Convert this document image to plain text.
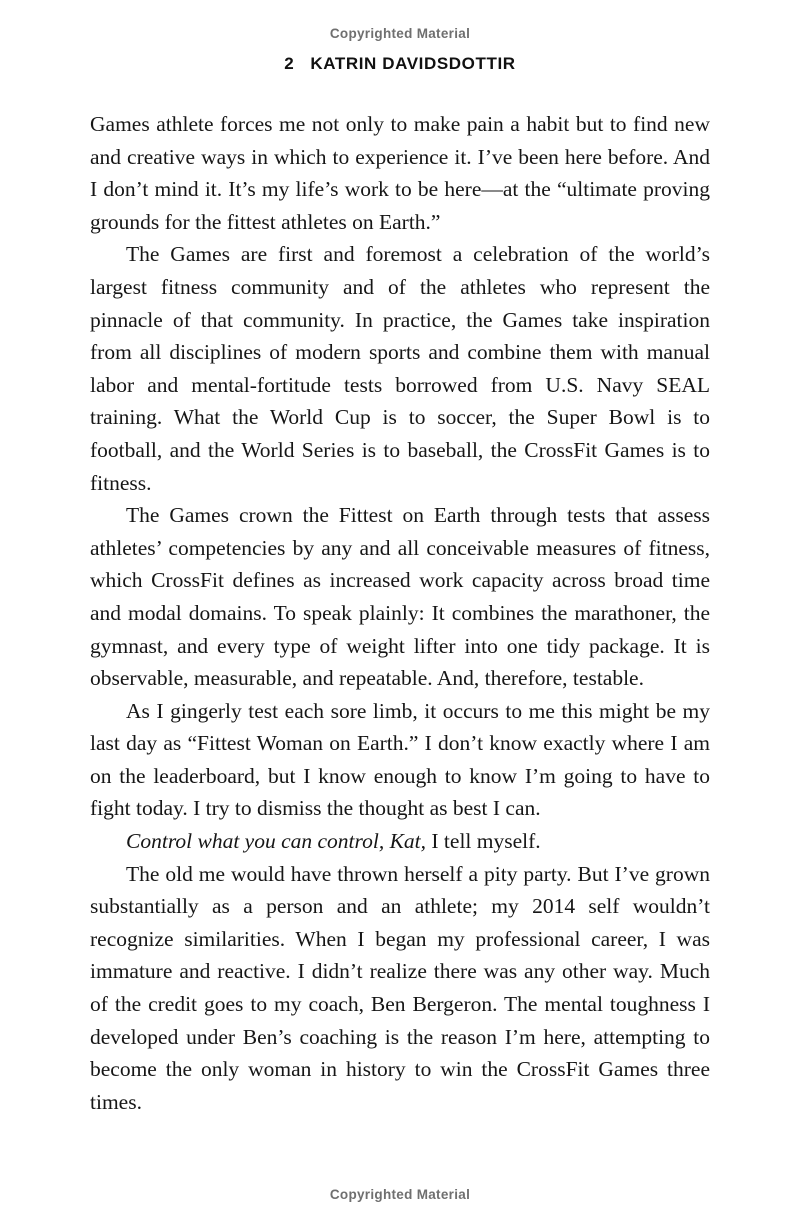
Copyrighted Material
2 KATRIN DAVIDSDOTTIR

Games athlete forces me not only to make pain a habit but to find new and creative ways in which to experience it. I’ve been here before. And I don’t mind it. It’s my life’s work to be here—at the “ultimate proving grounds for the fittest athletes on Earth.”

The Games are first and foremost a celebration of the world’s largest fitness community and of the athletes who represent the pinnacle of that community. In practice, the Games take inspiration from all disciplines of modern sports and combine them with manual labor and mental-fortitude tests borrowed from U.S. Navy SEAL training. What the World Cup is to soccer, the Super Bowl is to football, and the World Series is to baseball, the CrossFit Games is to fitness.

The Games crown the Fittest on Earth through tests that assess athletes’ competencies by any and all conceivable measures of fitness, which CrossFit defines as increased work capacity across broad time and modal domains. To speak plainly: It combines the marathoner, the gymnast, and every type of weight lifter into one tidy package. It is observable, measurable, and repeatable. And, therefore, testable.

As I gingerly test each sore limb, it occurs to me this might be my last day as “Fittest Woman on Earth.” I don’t know exactly where I am on the leaderboard, but I know enough to know I’m going to have to fight today. I try to dismiss the thought as best I can.

Control what you can control, Kat, I tell myself.

The old me would have thrown herself a pity party. But I’ve grown substantially as a person and an athlete; my 2014 self wouldn’t recognize similarities. When I began my professional career, I was immature and reactive. I didn’t realize there was any other way. Much of the credit goes to my coach, Ben Bergeron. The mental toughness I developed under Ben’s coaching is the reason I’m here, attempting to become the only woman in history to win the CrossFit Games three times.

Copyrighted Material
